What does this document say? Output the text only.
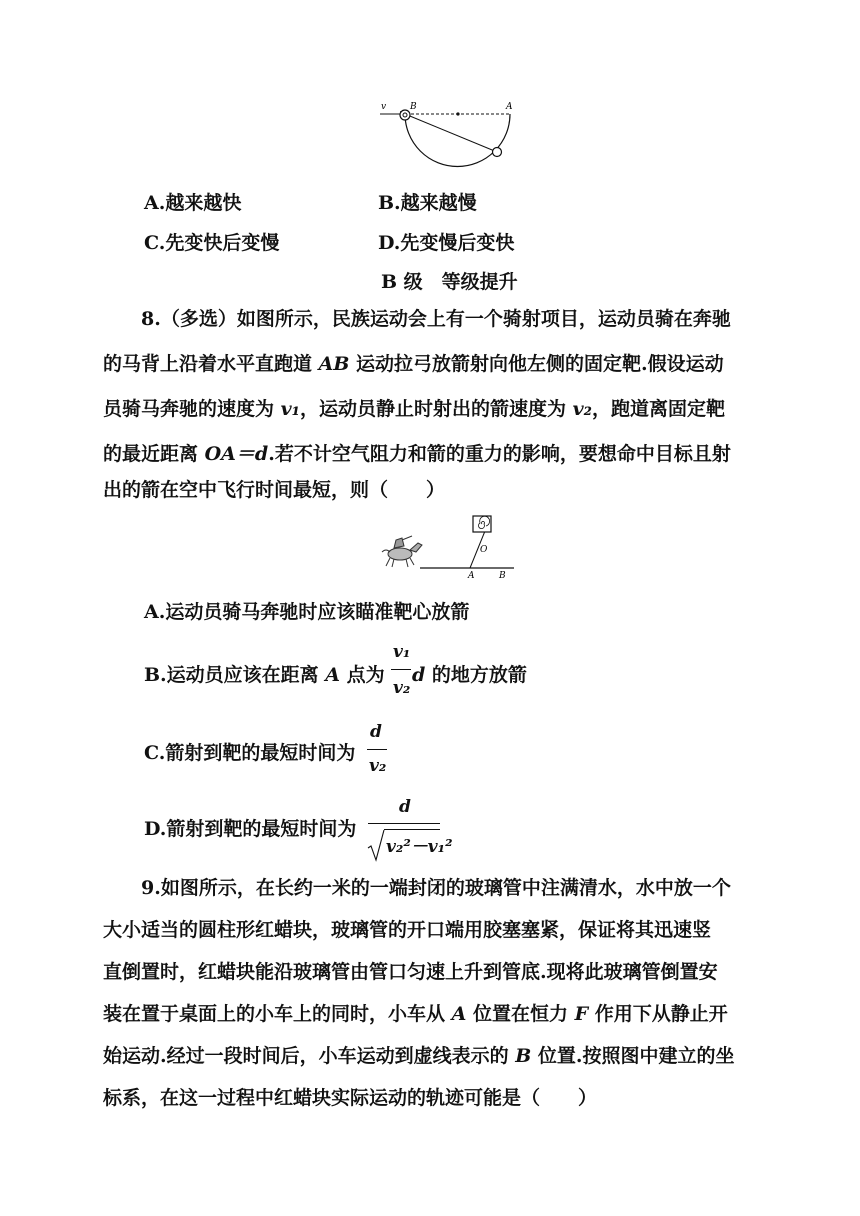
v	B	A
A.越来越快	B.越来越慢
C.先变快后变慢	D.先变慢后变快
B 级　等级提升
8.（多选）如图所示，民族运动会上有一个骑射项目，运动员骑在奔驰
的马背上沿着水平直跑道 AB 运动拉弓放箭射向他左侧的固定靶.假设运动
员骑马奔驰的速度为 v₁，运动员静止时射出的箭速度为 v₂，跑道离固定靶
的最近距离 OA＝d.若不计空气阻力和箭的重力的影响，要想命中目标且射
出的箭在空中飞行时间最短，则（　　）
O
A	B
A.运动员骑马奔驰时应该瞄准靶心放箭
B.运动员应该在距离 A 点为
v₁
v₂
d 的地方放箭
C.箭射到靶的最短时间为
d
v₂
D.箭射到靶的最短时间为
d
v₂²－v₁²
9.如图所示，在长约一米的一端封闭的玻璃管中注满清水，水中放一个
大小适当的圆柱形红蜡块，玻璃管的开口端用胶塞塞紧，保证将其迅速竖
直倒置时，红蜡块能沿玻璃管由管口匀速上升到管底.现将此玻璃管倒置安
装在置于桌面上的小车上的同时，小车从 A 位置在恒力 F 作用下从静止开
始运动.经过一段时间后，小车运动到虚线表示的 B 位置.按照图中建立的坐
标系，在这一过程中红蜡块实际运动的轨迹可能是（　　）
